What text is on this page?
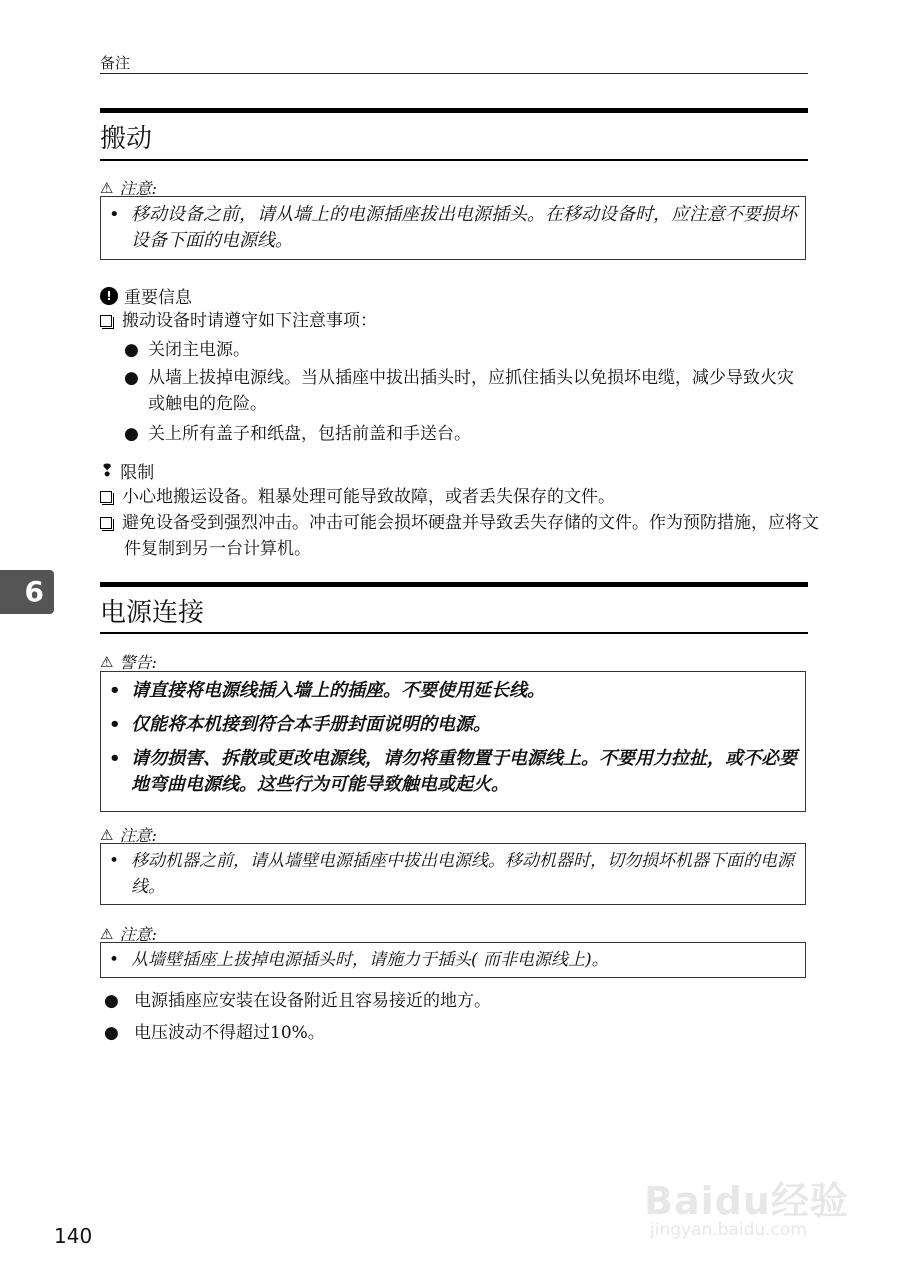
备注
搬动
⚠ 注意:

• 移动设备之前，请从墙上的电源插座拔出电源插头。在移动设备时，应注意不要损坏设备下面的电源线。

! 重要信息
搬动设备时请遵守如下注意事项：
● 关闭主电源。
● 从墙上拔掉电源线。当从插座中拔出插头时，应抓住插头以免损坏电缆，减少导致火灾或触电的危险。
● 关上所有盖子和纸盘，包括前盖和手送台。
❢ 限制
小心地搬运设备。粗暴处理可能导致故障，或者丢失保存的文件。
避免设备受到强烈冲击。冲击可能会损坏硬盘并导致丢失存储的文件。作为预防措施，应将文件复制到另一台计算机。
电源连接
⚠ 警告:

• 请直接将电源线插入墙上的插座。不要使用延长线。

• 仅能将本机接到符合本手册封面说明的电源。

• 请勿损害、拆散或更改电源线，请勿将重物置于电源线上。不要用力拉扯，或不必要地弯曲电源线。这些行为可能导致触电或起火。

⚠ 注意:

• 移动机器之前，请从墙壁电源插座中拔出电源线。移动机器时，切勿损坏机器下面的电源线。

⚠ 注意:

• 从墙壁插座上拔掉电源插头时，请施力于插头( 而非电源线上)。

● 电源插座应安装在设备附近且容易接近的地方。
● 电压波动不得超过10%。
6
140
Baidu经验
jingyan.baidu.com
